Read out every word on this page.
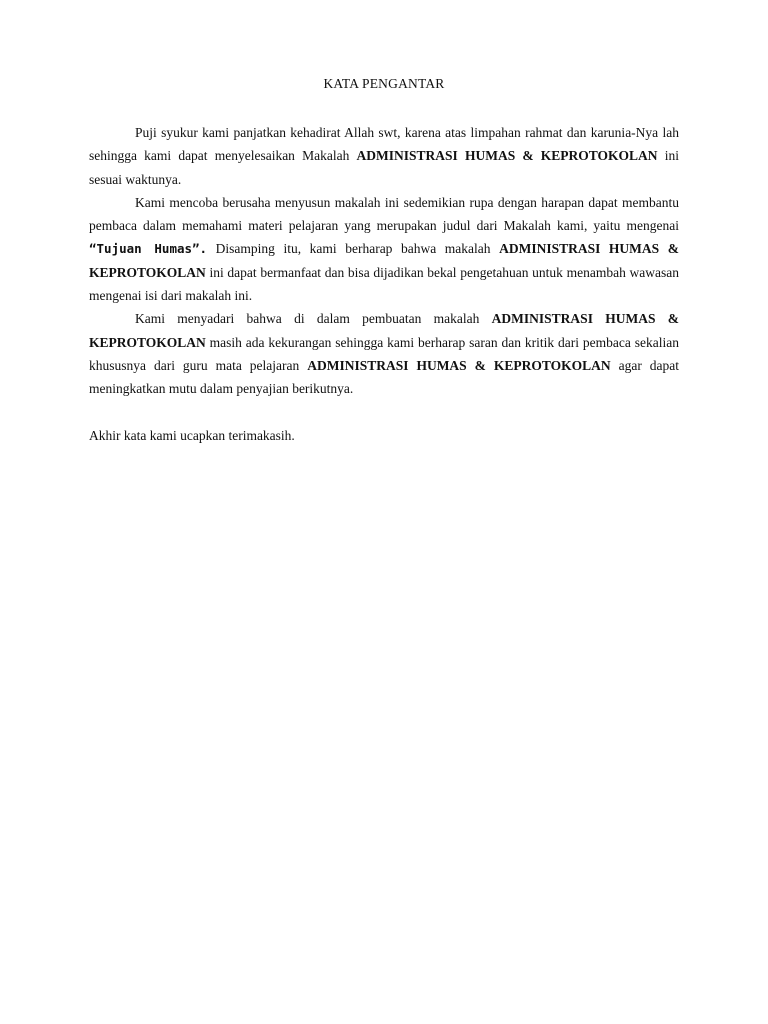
KATA PENGANTAR

Puji syukur kami panjatkan kehadirat Allah swt, karena atas limpahan rahmat dan karunia-Nya lah sehingga kami dapat menyelesaikan Makalah ADMINISTRASI HUMAS & KEPROTOKOLAN ini sesuai waktunya.

Kami mencoba berusaha menyusun makalah ini sedemikian rupa dengan harapan dapat membantu pembaca dalam memahami materi pelajaran yang merupakan judul dari Makalah kami, yaitu mengenai “Tujuan Humas”. Disamping itu, kami berharap bahwa makalah ADMINISTRASI HUMAS & KEPROTOKOLAN ini dapat bermanfaat dan bisa dijadikan bekal pengetahuan untuk menambah wawasan mengenai isi dari makalah ini.

Kami menyadari bahwa di dalam pembuatan makalah ADMINISTRASI HUMAS & KEPROTOKOLAN masih ada kekurangan sehingga kami berharap saran dan kritik dari pembaca sekalian khususnya dari guru mata pelajaran ADMINISTRASI HUMAS & KEPROTOKOLAN agar dapat meningkatkan mutu dalam penyajian berikutnya.

Akhir kata kami ucapkan terimakasih.
